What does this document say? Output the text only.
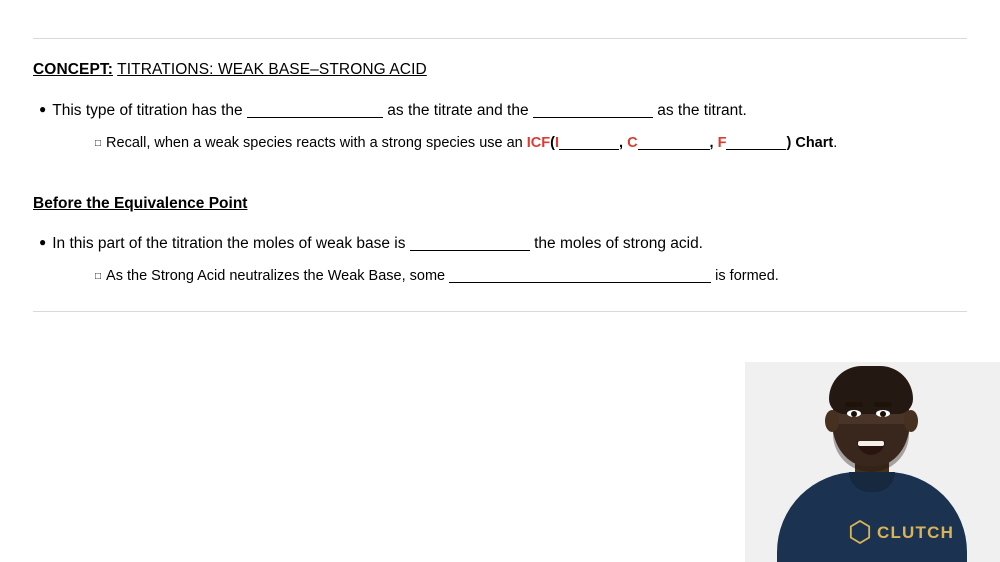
CONCEPT: TITRATIONS: WEAK BASE–STRONG ACID
● This type of titration has the	as the titrate and the	as the titrant.
□ Recall, when a weak species reacts with a strong species use an ICF(I	, C	, F	) Chart.
Before the Equivalence Point
● In this part of the titration the moles of weak base is	the moles of strong acid.
□ As the Strong Acid neutralizes the Weak Base, some	is formed.
CLUTCH
